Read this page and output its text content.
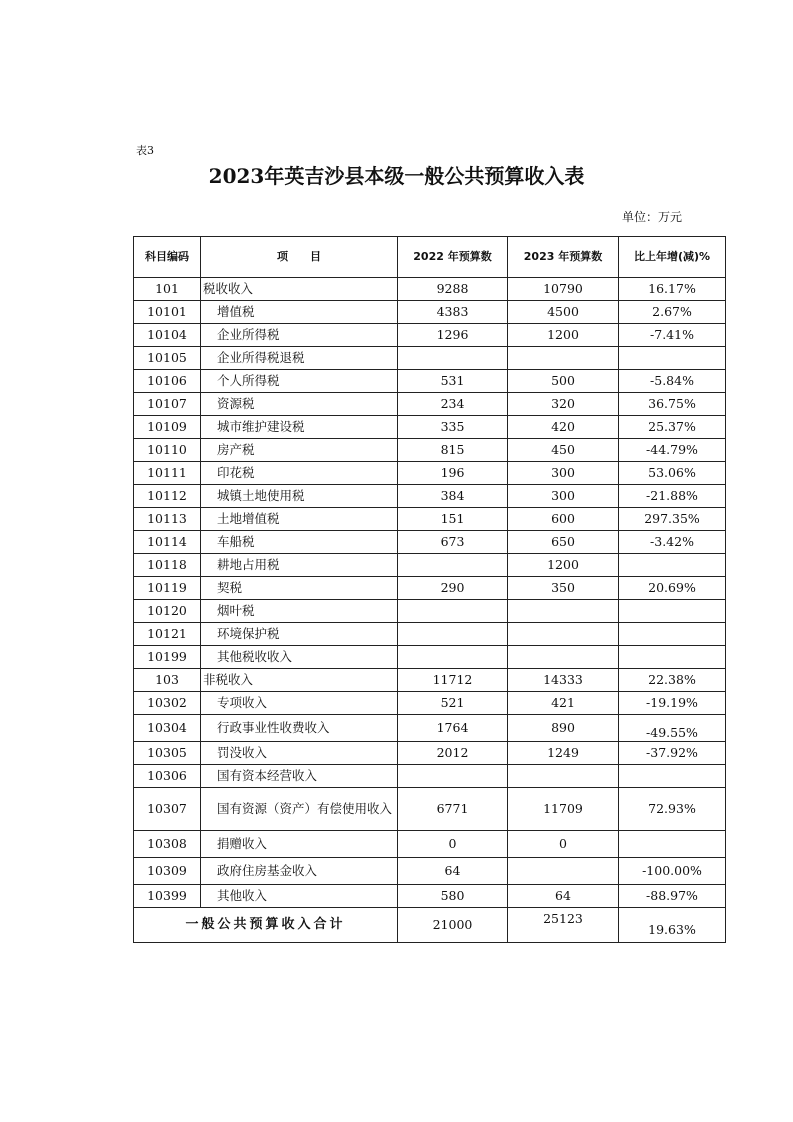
表3
2023年英吉沙县本级一般公共预算收入表
单位：万元
科目编码	项　　目	2022 年预算数	2023 年预算数	比上年增(减)%
101	税收收入	9288	10790	16.17%
10101	增值税	4383	4500	2.67%
10104	企业所得税	1296	1200	-7.41%
10105	企业所得税退税			
10106	个人所得税	531	500	-5.84%
10107	资源税	234	320	36.75%
10109	城市维护建设税	335	420	25.37%
10110	房产税	815	450	-44.79%
10111	印花税	196	300	53.06%
10112	城镇土地使用税	384	300	-21.88%
10113	土地增值税	151	600	297.35%
10114	车船税	673	650	-3.42%
10118	耕地占用税		1200	
10119	契税	290	350	20.69%
10120	烟叶税			
10121	环境保护税			
10199	其他税收收入			
103	非税收入	11712	14333	22.38%
10302	专项收入	521	421	-19.19%
10304	行政事业性收费收入	1764	890	-49.55%
10305	罚没收入	2012	1249	-37.92%
10306	国有资本经营收入			
10307	国有资源（资产）有偿使用收入	6771	11709	72.93%
10308	捐赠收入	0	0	
10309	政府住房基金收入	64		-100.00%
10399	其他收入	580	64	-88.97%
一般公共预算收入合计		21000	25123	19.63%
